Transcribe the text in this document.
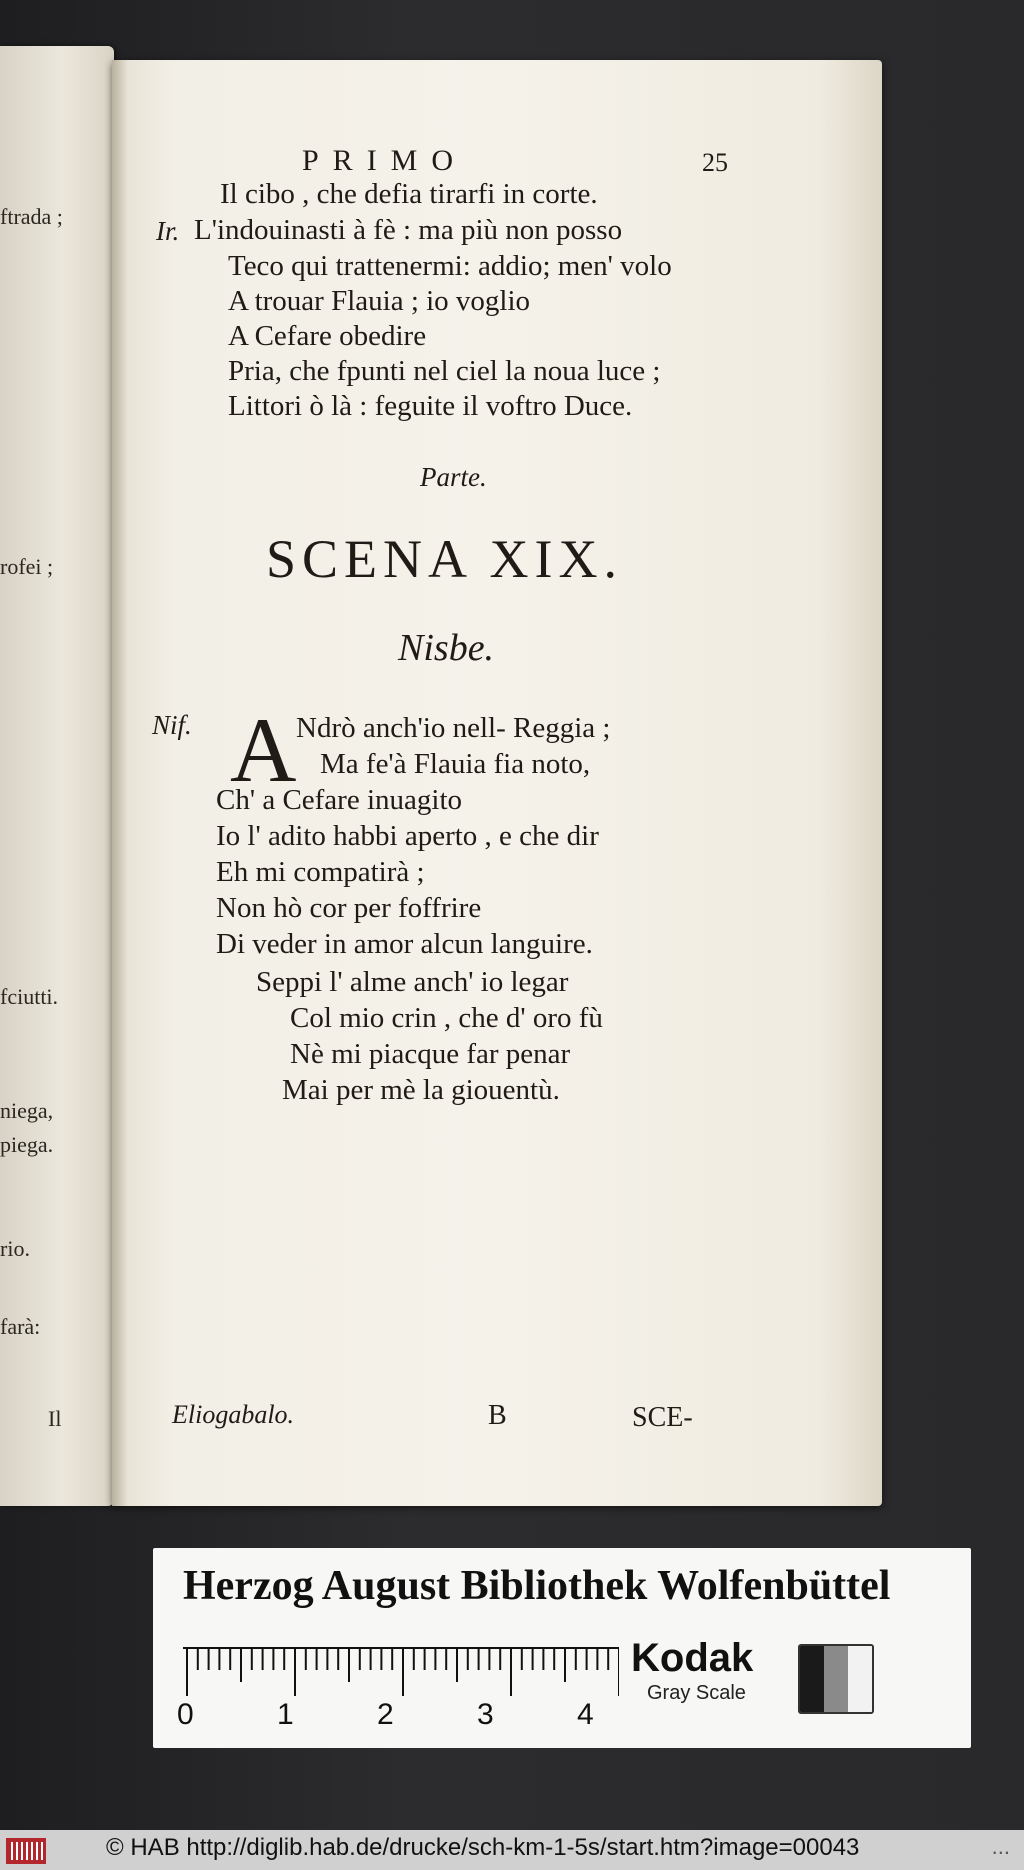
ftrada ;
rofei ;
fciutti.
niega,
piega.
rio.
farà:
Il
PRIMO	25
Il cibo , che defia tirarfi in corte.
Ir. L'indouinasti à fè : ma più non posso
Teco qui trattenermi: addio; men' volo
A trouar Flauia ; io voglio
A Cefare obedire
Pria, che fpunti nel ciel la noua luce ;
Littori ò là : feguite il voftro Duce.
Parte.
SCENA XIX.
Nisbe.
Nif. A Ndrò anch'io nell- Reggia ;
Ma fe'à Flauia fia noto,
Ch' a Cefare inuagito
Io l' adito habbi aperto , e che dir
Eh mi compatirà ;
Non hò cor per foffrire
Di veder in amor alcun languire.
Seppi l' alme anch' io legar
Col mio crin , che d' oro fù
Nè mi piacque far penar
Mai per mè la giouentù.
Eliogabalo.	B	SCE-
Herzog August Bibliothek Wolfenbüttel
0	1	2	3	4
Kodak
Gray Scale
© HAB http://diglib.hab.de/drucke/sch-km-1-5s/start.htm?image=00043	...
